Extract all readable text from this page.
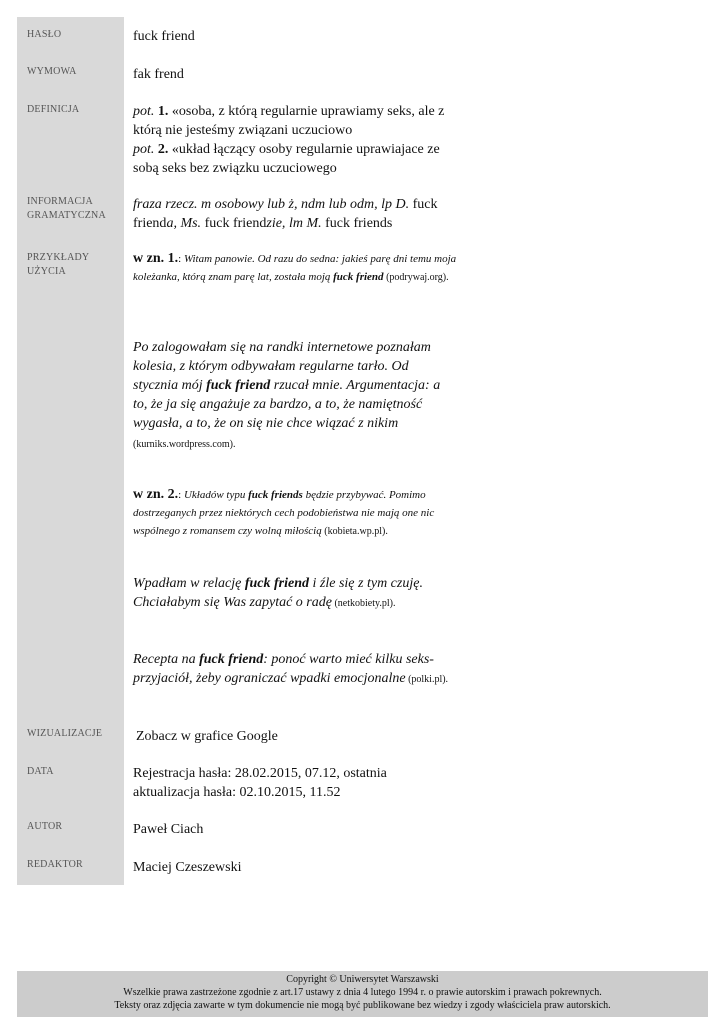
HASŁO
WYMOWA
DEFINICJA
INFORMACJA
GRAMATYCZNA
PRZYKŁADY
UŻYCIA
WIZUALIZACJE
DATA
AUTOR
REDAKTOR
fuck friend
fak frend
pot. 1. «osoba, z którą regularnie uprawiamy seks, ale z którą nie jesteśmy związani uczuciowo
pot. 2. «układ łączący osoby regularnie uprawiajace ze sobą seks bez związku uczuciowego
fraza rzecz. m osobowy lub ż, ndm lub odm, lp D. fuck frienda, Ms. fuck friendzie, lm M. fuck friends
w zn. 1.: Witam panowie. Od razu do sedna: jakieś parę dni temu moja koleżanka, którą znam parę lat, została moją fuck friend (podrywaj.org).
Po zalogowałam się na randki internetowe poznałam kolesia, z którym odbywałam regularne tarło. Od stycznia mój fuck friend rzucał mnie. Argumentacja: a to, że ja się angażuje za bardzo, a to, że namiętność wygasła, a to, że on się nie chce wiązać z nikim (kurniks.wordpress.com).
w zn. 2.: Układów typu fuck friends będzie przybywać. Pomimo dostrzeganych przez niektórych cech podobieństwa nie mają one nic wspólnego z romansem czy wolną miłością (kobieta.wp.pl).
Wpadłam w relację fuck friend i źle się z tym czuję. Chciałabym się Was zapytać o radę (netkobiety.pl).
Recepta na fuck friend: ponoć warto mieć kilku seks-przyjaciół, żeby ograniczać wpadki emocjonalne (polki.pl).
Zobacz w grafice Google
Rejestracja hasła: 28.02.2015, 07.12, ostatnia aktualizacja hasła: 02.10.2015, 11.52
Paweł Ciach
Maciej Czeszewski
Copyright © Uniwersytet Warszawski
Wszelkie prawa zastrzeżone zgodnie z art.17 ustawy z dnia 4 lutego 1994 r. o prawie autorskim i prawach pokrewnych.
Teksty oraz zdjęcia zawarte w tym dokumencie nie mogą być publikowane bez wiedzy i zgody właściciela praw autorskich.
